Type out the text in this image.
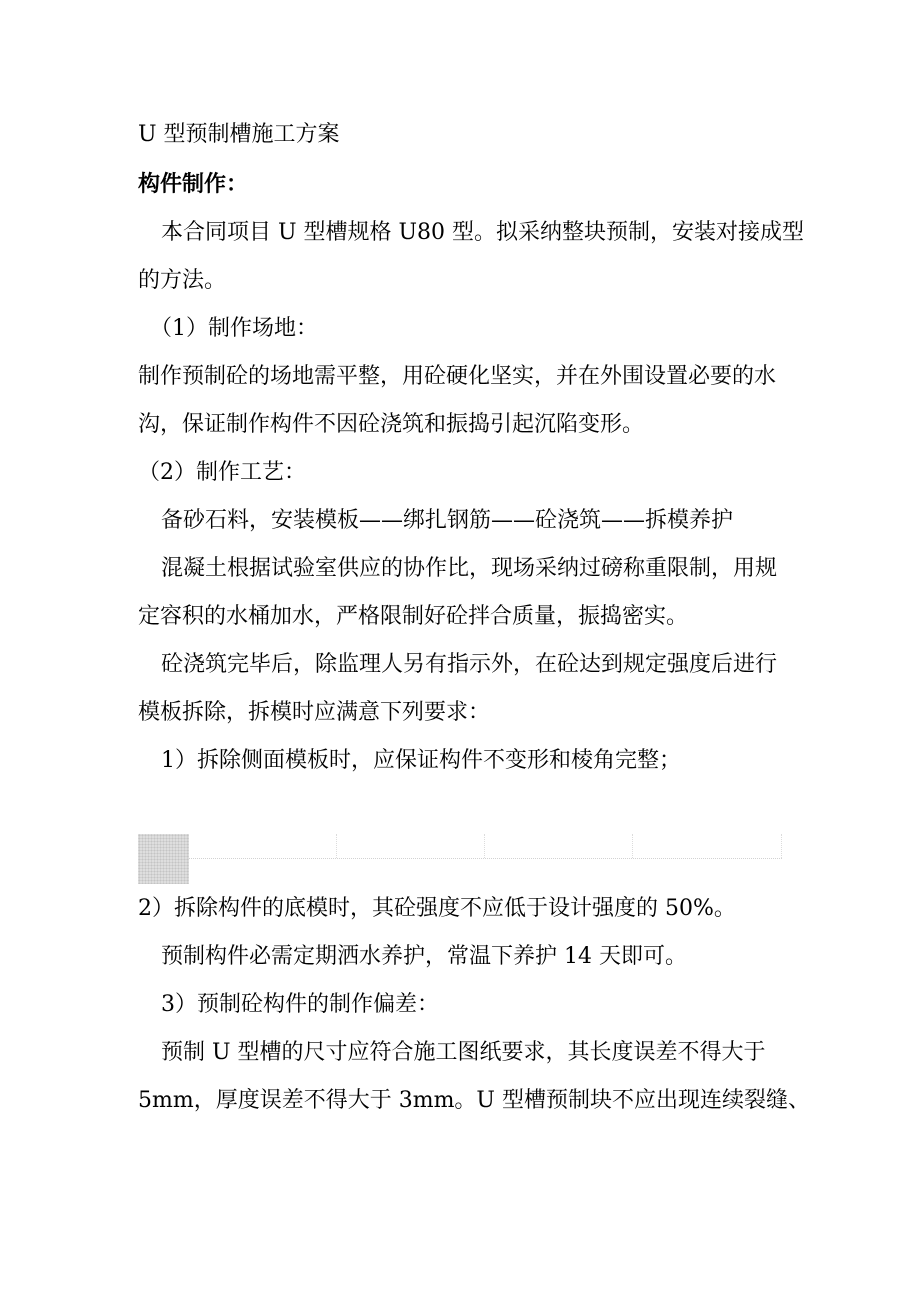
U 型预制槽施工方案
构件制作：
本合同项目 U 型槽规格 U80 型。拟采纳整块预制，安装对接成型
的方法。
（1）制作场地：
制作预制砼的场地需平整，用砼硬化坚实，并在外围设置必要的水
沟，保证制作构件不因砼浇筑和振捣引起沉陷变形。
（2）制作工艺：
备砂石料，安装模板——绑扎钢筋——砼浇筑——拆模养护
混凝土根据试验室供应的协作比，现场采纳过磅称重限制，用规
定容积的水桶加水，严格限制好砼拌合质量，振捣密实。
砼浇筑完毕后，除监理人另有指示外，在砼达到规定强度后进行
模板拆除，拆模时应满意下列要求：
1）拆除侧面模板时，应保证构件不变形和棱角完整；
2）拆除构件的底模时，其砼强度不应低于设计强度的 50%。
预制构件必需定期洒水养护，常温下养护 14 天即可。
3）预制砼构件的制作偏差：
预制 U 型槽的尺寸应符合施工图纸要求，其长度误差不得大于
5mm，厚度误差不得大于 3mm。U 型槽预制块不应出现连续裂缝、
